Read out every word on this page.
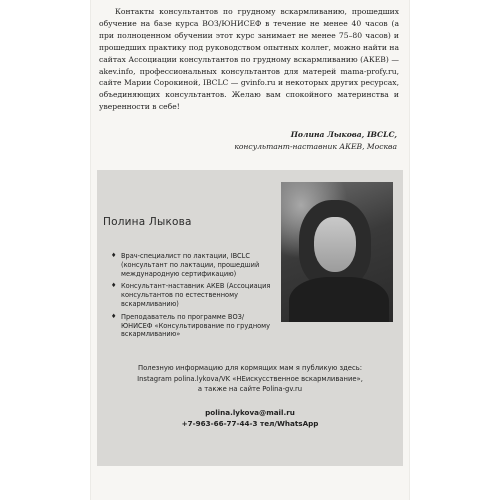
Контакты консультантов по грудному вскармливанию, прошедших обучение на базе курса ВОЗ/ЮНИСЕФ в течение не менее 40 часов (а при полноценном обучении этот курс занимает не менее 75–80 часов) и прошедших практику под руководством опытных коллег, можно найти на сайтах Ассоциации консультантов по грудному вскармливанию (АКЕВ) — akev.info, профессиональных консультантов для матерей mama-profy.ru, сайте Марии Сорокиной, IBCLC — gvinfo.ru и некоторых других ресурсах, объединяющих консультантов. Желаю вам спокойного материнства и уверенности в себе!

Полина Лыкова, IBCLC,
консультант-наставник АКЕВ, Москва
Полина Лыкова
♦ Врач-специалист по лактации, IBCLC (консультант по лактации, прошедший международную сертификацию)
♦ Консультант-наставник АКЕВ (Ассоциация консультантов по естественному вскармливанию)
♦ Преподаватель по программе ВОЗ/ЮНИСЕФ «Консультирование по грудному вскармливанию»
Полезную информацию для кормящих мам я публикую здесь:
Instagram polina.lykova/VK «НЕискусственное вскармливание»,
а также на сайте Polina-gv.ru
polina.lykova@mail.ru
+7-963-66-77-44-3 тел/WhatsApp
